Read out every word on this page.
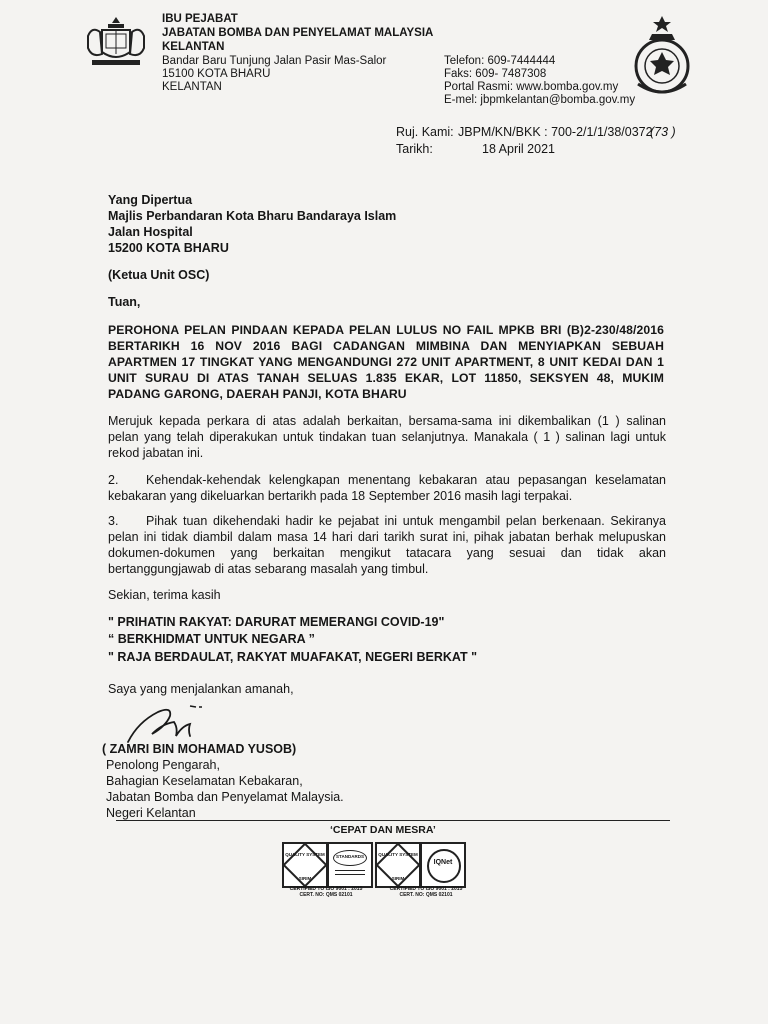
IBU PEJABAT
JABATAN BOMBA DAN PENYELAMAT MALAYSIA
KELANTAN
Bandar Baru Tunjung Jalan Pasir Mas-Salor
15100 KOTA BHARU
KELANTAN
Telefon: 609-7444444
Faks: 609- 7487308
Portal Rasmi: www.bomba.gov.my
E-mel: jbpmkelantan@bomba.gov.my
Ruj. Kami: JBPM/KN/BKK : 700-2/1/1/38/0372
(73 )
Tarikh:	18 April 2021
Yang Dipertua
Majlis Perbandaran Kota Bharu Bandaraya Islam
Jalan Hospital
15200 KOTA BHARU
(Ketua Unit OSC)
Tuan,
PEROHONA PELAN PINDAAN KEPADA PELAN LULUS NO FAIL MPKB BRI (B)2-230/48/2016
BERTARIKH 16 NOV 2016 BAGI CADANGAN MIMBINA DAN MENYIAPKAN SEBUAH
APARTMEN 17 TINGKAT YANG MENGANDUNGI 272 UNIT APARTMENT, 8 UNIT KEDAI DAN 1
UNIT SURAU DI ATAS TANAH SELUAS 1.835 EKAR, LOT 11850, SEKSYEN 48, MUKIM
PADANG GARONG, DAERAH PANJI, KOTA BHARU
Merujuk kepada perkara di atas adalah berkaitan, bersama-sama ini dikembalikan (1 ) salinan
pelan yang telah diperakukan untuk tindakan tuan selanjutnya. Manakala ( 1 ) salinan lagi untuk
rekod jabatan ini.
2.	Kehendak-kehendak kelengkapan menentang kebakaran atau pepasangan keselamatan
kebakaran yang dikeluarkan bertarikh pada 18 September 2016 masih lagi terpakai.
3.	Pihak tuan dikehendaki hadir ke pejabat ini untuk mengambil pelan berkenaan. Sekiranya
pelan ini tidak diambil dalam masa 14 hari dari tarikh surat ini, pihak jabatan berhak melupuskan
dokumen-dokumen yang berkaitan mengikut tatacara yang sesuai dan tidak akan
bertanggungjawab di atas sebarang masalah yang timbul.
Sekian, terima kasih
" PRIHATIN RAKYAT: DARURAT MEMERANGI COVID-19"
“ BERKHIDMAT UNTUK NEGARA ”
" RAJA BERDAULAT, RAKYAT MUAFAKAT, NEGERI BERKAT "
Saya yang menjalankan amanah,
( ZAMRI BIN MOHAMAD YUSOB)
Penolong Pengarah,
Bahagian Keselamatan Kebakaran,
Jabatan Bomba dan Penyelamat Malaysia.
Negeri Kelantan
‘CEPAT DAN MESRA’
QUALITY SYSTEM
SIRIM
STANDARDS	QUALITY SYSTEM
SIRIM
IQNet
CERTIFIED TO ISO 9001 : 2015
CERT. NO: QMS 02101
CERTIFIED TO ISO 9001 : 2015
CERT. NO: QMS 02101
